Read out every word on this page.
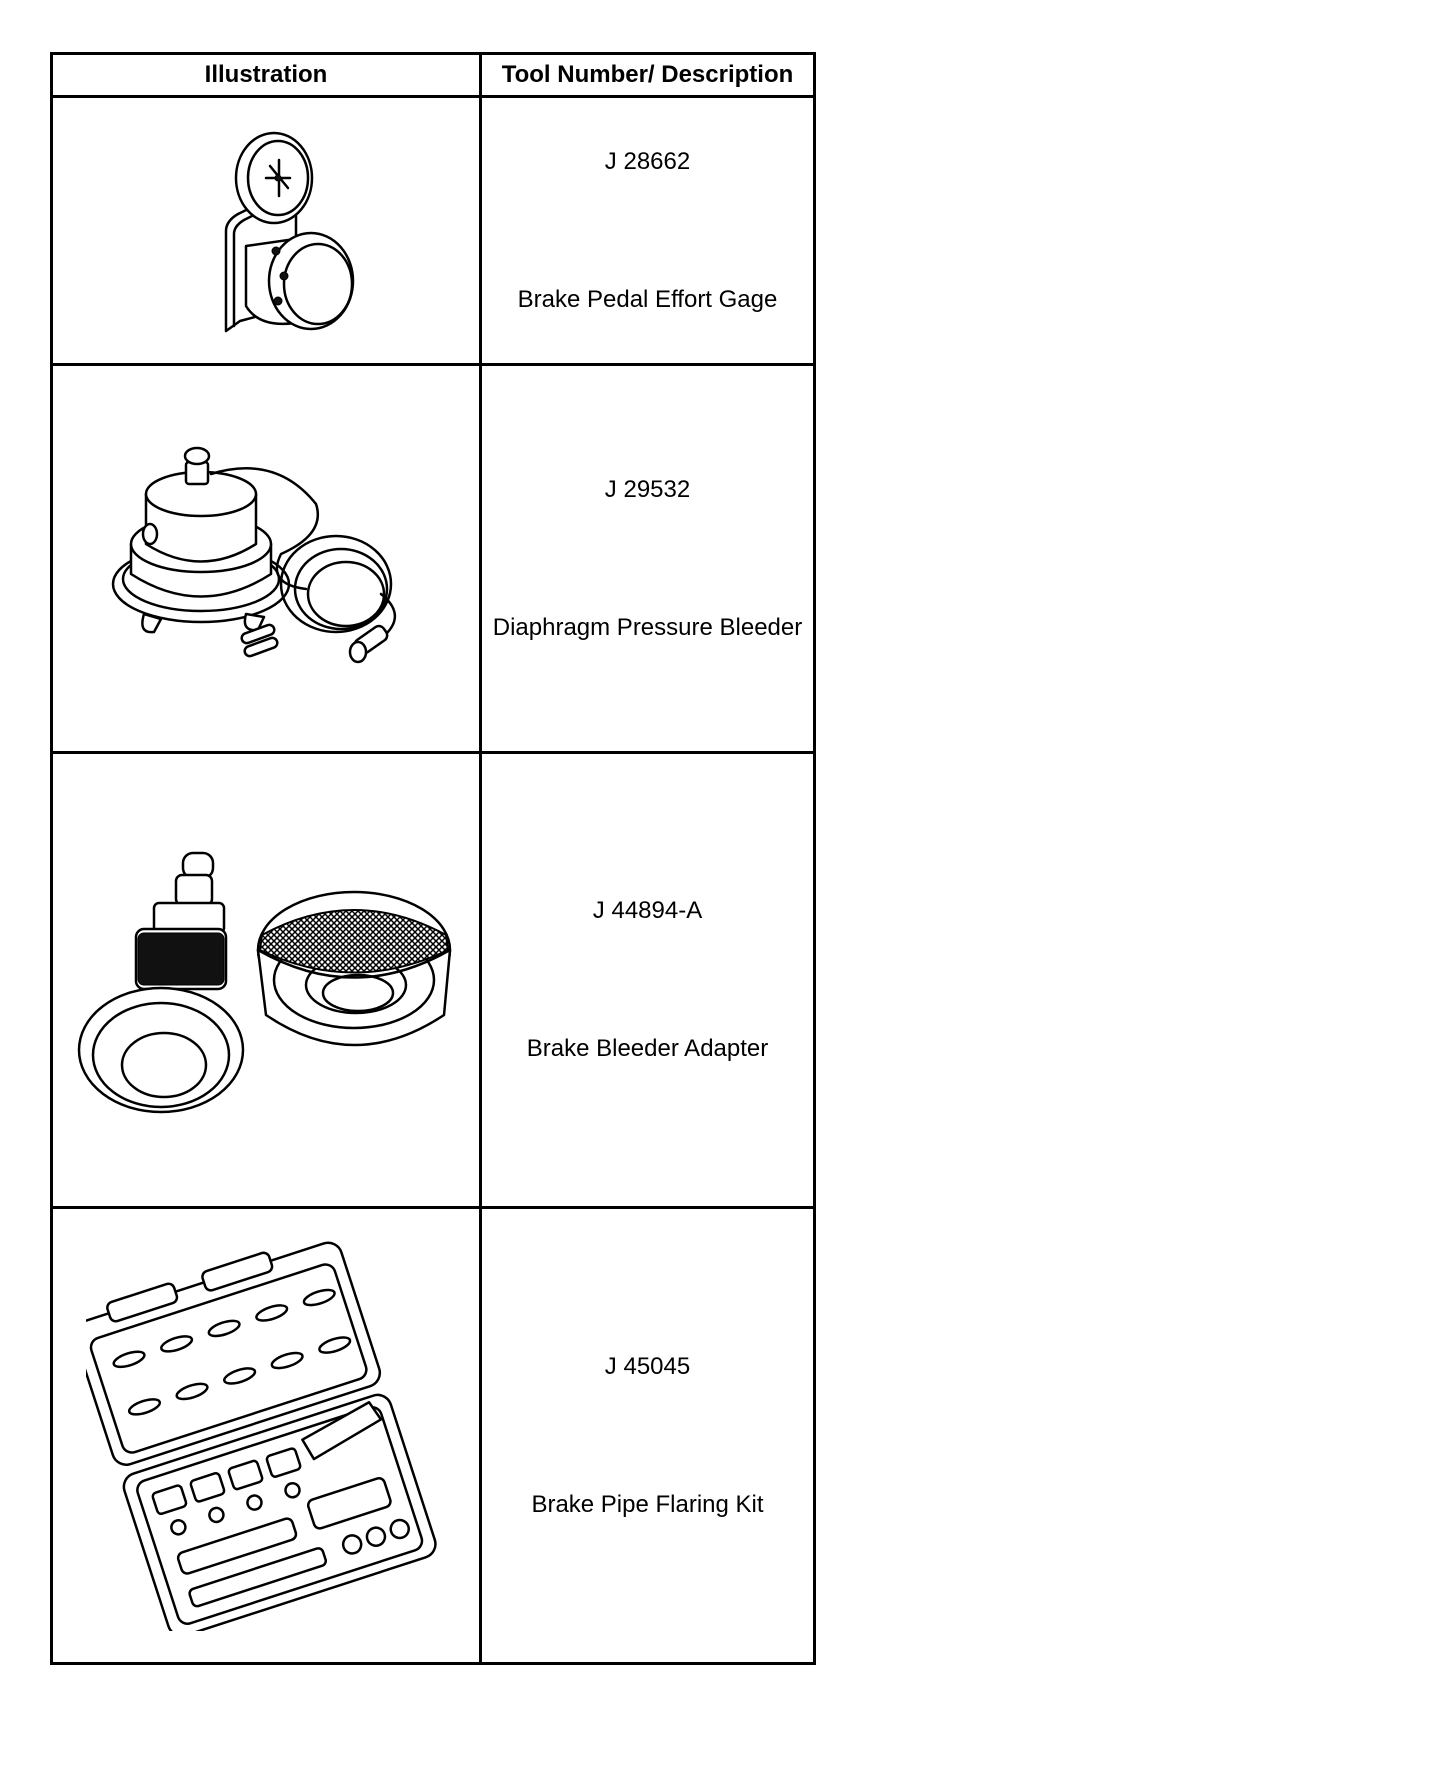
Illustration	Tool Number/ Description

J 28662
Brake Pedal Effort Gage

J 29532
Diaphragm Pressure Bleeder

J 44894-A
Brake Bleeder Adapter

J 45045
Brake Pipe Flaring Kit
